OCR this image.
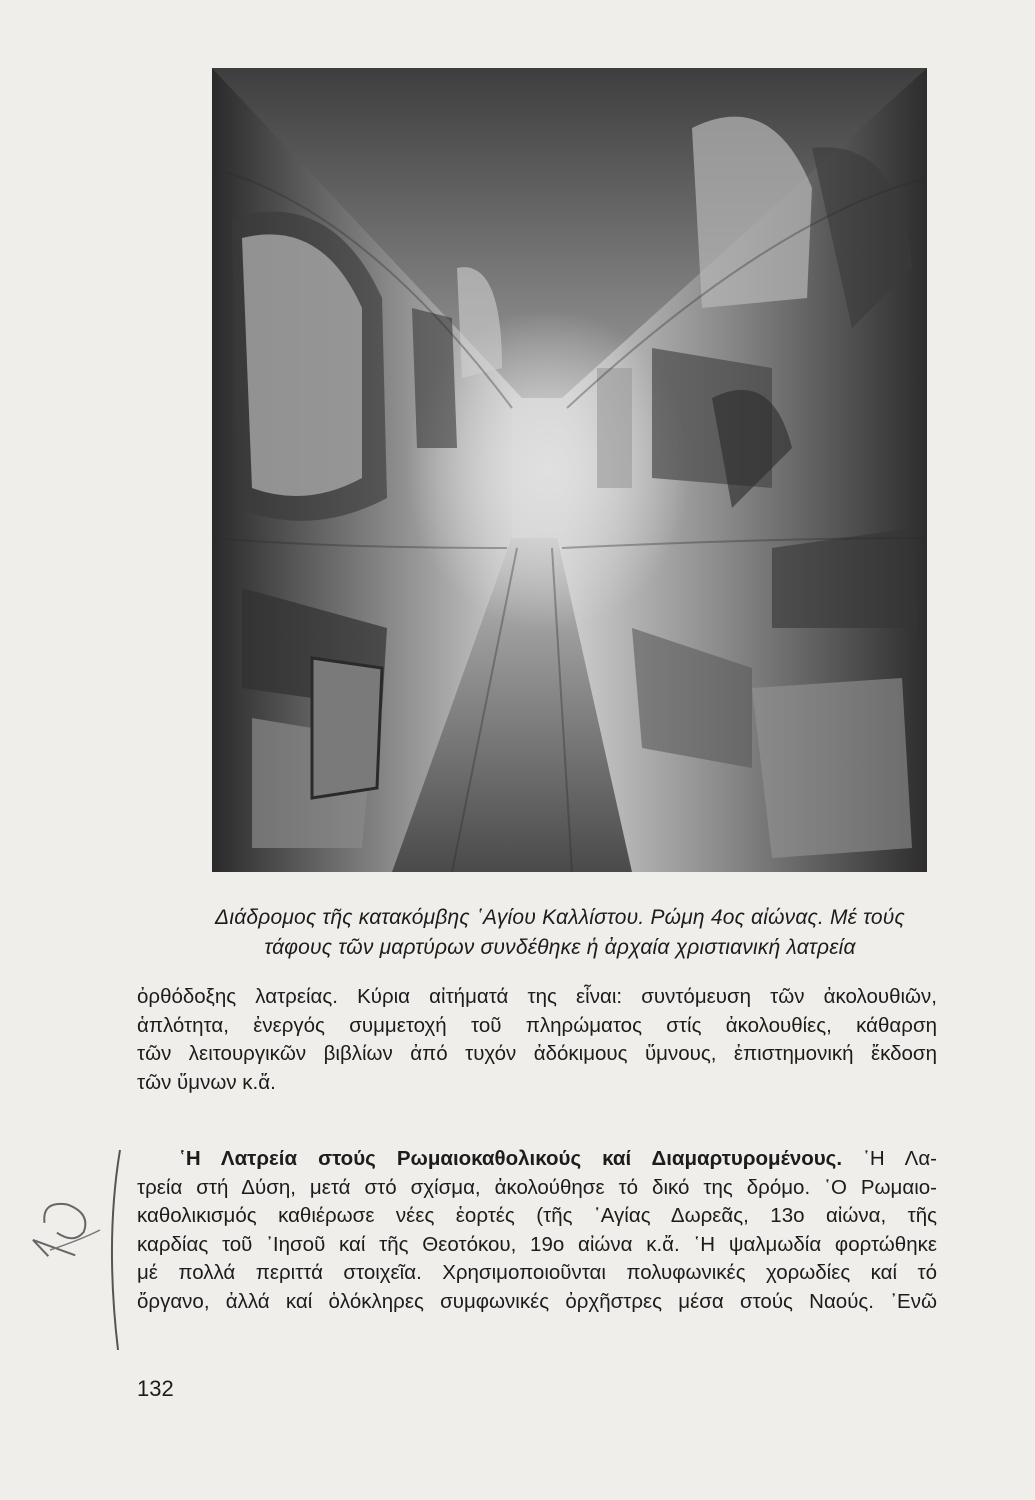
Διάδρομος τῆς κατακόμβης ῾Αγίου Καλλίστου. Ρώμη 4ος αἰώνας. Μέ τούς
τάφους τῶν μαρτύρων συνδέθηκε ἡ ἀρχαία χριστιανική λατρεία
ὀρθόδοξης λατρείας. Κύρια αἰτήματά της εἶναι: συντόμευση τῶν ἀκολουθιῶν,
ἁπλότητα, ἐνεργός συμμετοχή τοῦ πληρώματος στίς ἀκολουθίες, κάθαρση
τῶν λειτουργικῶν βιβλίων ἀπό τυχόν ἀδόκιμους ὕμνους, ἐπιστημονική ἔκδοση
τῶν ὕμνων κ.ἄ.
῾Η Λατρεία στούς Ρωμαιοκαθολικούς καί Διαμαρτυρομένους. ῾Η Λα-
τρεία στή Δύση, μετά στό σχίσμα, ἀκολούθησε τό δικό της δρόμο. ῾Ο Ρωμαιο-
καθολικισμός καθιέρωσε νέες ἑορτές (τῆς ῾Αγίας Δωρεᾶς, 13ο αἰώνα, τῆς
καρδίας τοῦ ᾽Ιησοῦ καί τῆς Θεοτόκου, 19ο αἰώνα κ.ἄ. ῾Η ψαλμωδία φορτώθηκε
μέ πολλά περιττά στοιχεῖα. Χρησιμοποιοῦνται πολυφωνικές χορωδίες καί τό
ὄργανο, ἀλλά καί ὁλόκληρες συμφωνικές ὀρχῆστρες μέσα στούς Ναούς. ᾽Ενῶ
132
